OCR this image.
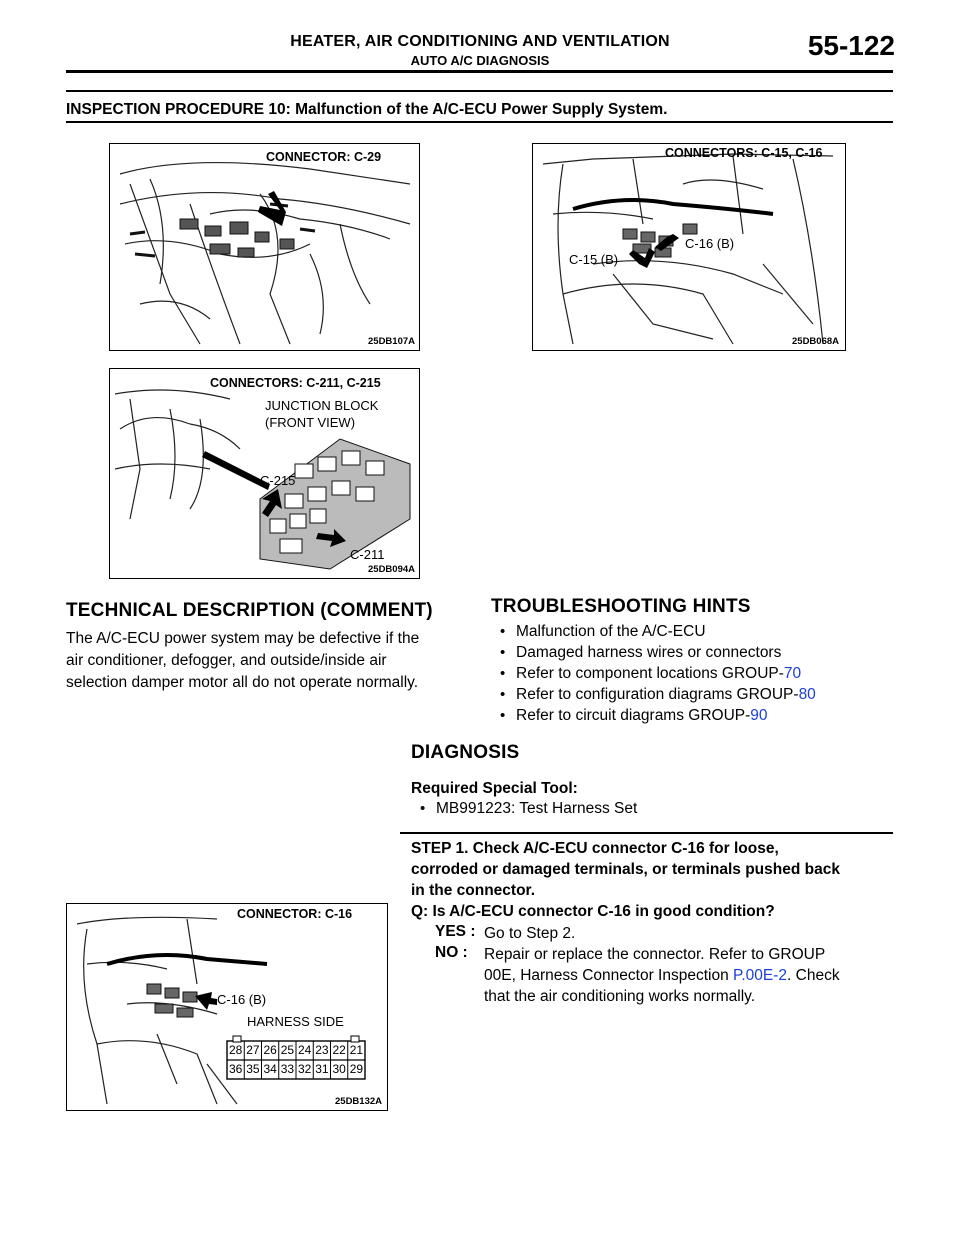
HEATER, AIR CONDITIONING AND VENTILATION
AUTO A/C DIAGNOSIS	55-122
INSPECTION PROCEDURE 10: Malfunction of the A/C-ECU Power Supply System.
CONNECTOR: C-29
25DB107A
CONNECTORS: C-15, C-16
C-16 (B)
C-15 (B)
25DB068A
CONNECTORS: C-211, C-215
JUNCTION BLOCK
(FRONT VIEW)
C-215
C-211
25DB094A
TECHNICAL DESCRIPTION (COMMENT)
The A/C-ECU power system may be defective if the
air conditioner, defogger, and outside/inside air
selection damper motor all do not operate normally.
TROUBLESHOOTING HINTS
• Malfunction of the A/C-ECU
• Damaged harness wires or connectors
• Refer to component locations GROUP-70
• Refer to configuration diagrams GROUP-80
• Refer to circuit diagrams GROUP-90
DIAGNOSIS
Required Special Tool:
• MB991223: Test Harness Set
STEP 1. Check A/C-ECU connector C-16 for loose,
corroded or damaged terminals, or terminals pushed back
in the connector.
Q: Is A/C-ECU connector C-16 in good condition?
YES : Go to Step 2.
NO : Repair or replace the connector. Refer to GROUP
00E, Harness Connector Inspection P.00E-2. Check
that the air conditioning works normally.
CONNECTOR: C-16
C-16 (B)
HARNESS SIDE
28 27 26 25 24 23 22 21
36 35 34 33 32 31 30 29
25DB132A
